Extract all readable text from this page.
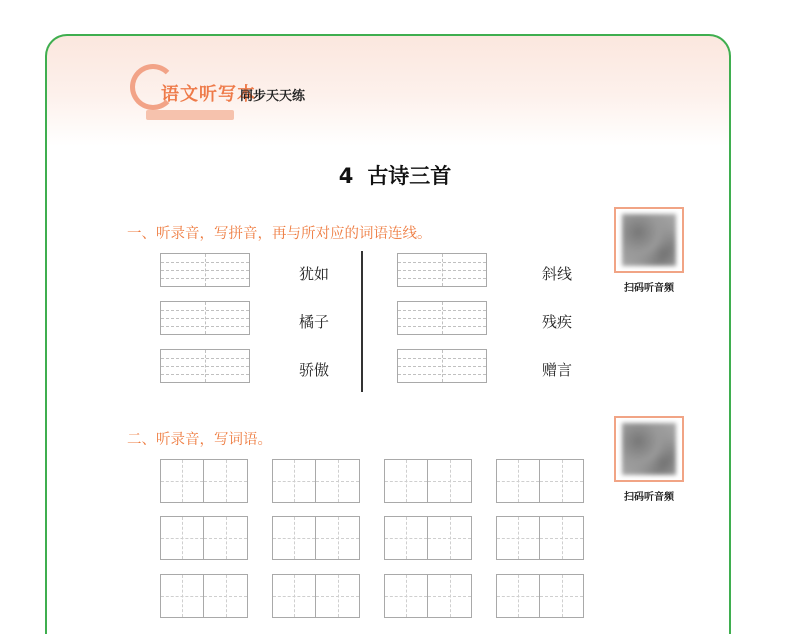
语文听写本
同步天天练
4 古诗三首
一、听录音，写拼音，再与所对应的词语连线。
扫码听音频
犹如
橘子
骄傲
斜线
残疾
赠言
二、听录音，写词语。
扫码听音频
